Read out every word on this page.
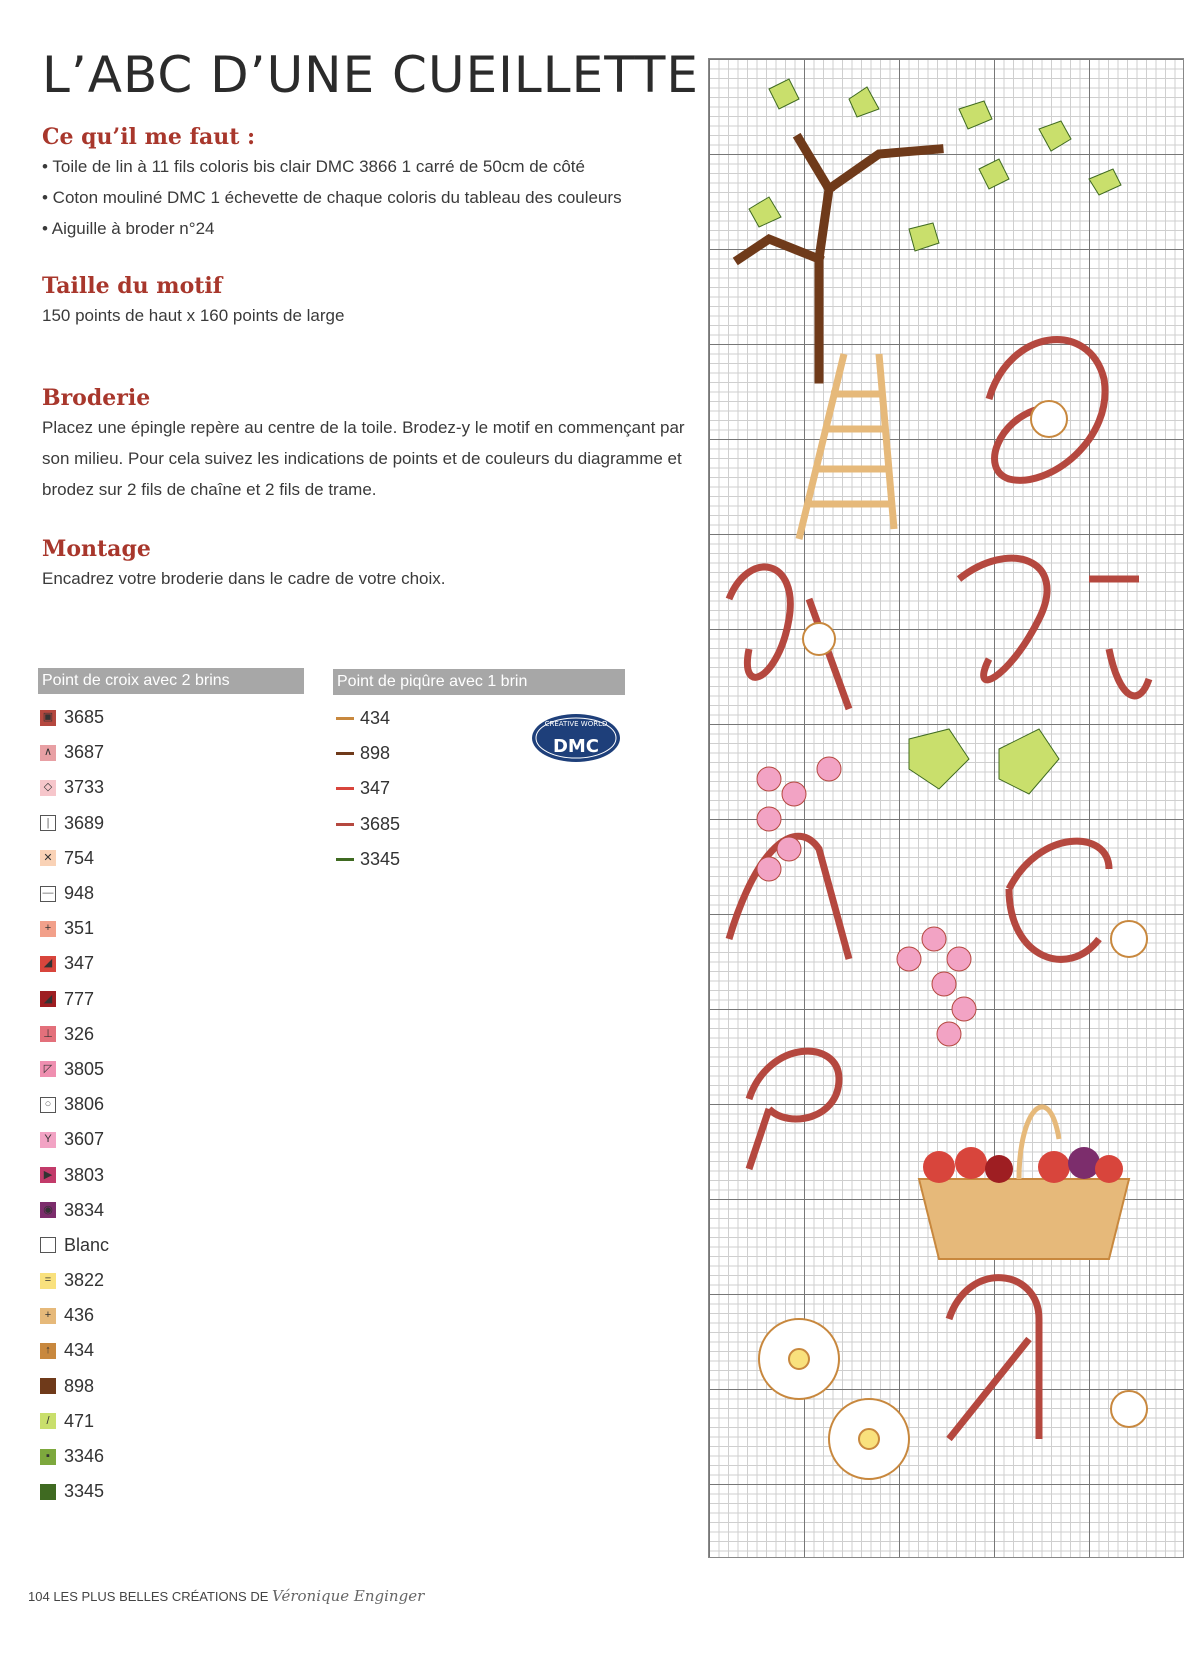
L’ABC D’UNE CUEILLETTE
Ce qu’il me faut :
• Toile de lin à 11 fils coloris bis clair DMC 3866 1 carré de 50cm de côté
• Coton mouliné DMC 1 échevette de chaque coloris du tableau des couleurs
• Aiguille à broder n°24
Taille du motif
150 points de haut x 160 points de large
Broderie
Placez une épingle repère au centre de la toile. Brodez-y le motif en commençant par
son milieu. Pour cela suivez les indications de points et de couleurs du diagramme et
brodez sur 2 fils de chaîne et 2 fils de trame.
Montage
Encadrez votre broderie dans le cadre de votre choix.
Point de croix avec 2 brins
▣ 3685
∧ 3687
◇ 3733
| 3689
✕ 754
— 948
+ 351
◢ 347
◢ 777
⊥ 326
◸ 3805
○ 3806
Y 3607
▶ 3803
◉ 3834
Blanc
= 3822
+ 436
↑ 434
898
/ 471
▪ 3346
3345
Point de piqûre avec 1 brin
434
898
347
3685
3345
CREATIVE WORLD
DMC
104 LES PLUS BELLES CRÉATIONS DE Véronique Enginger
